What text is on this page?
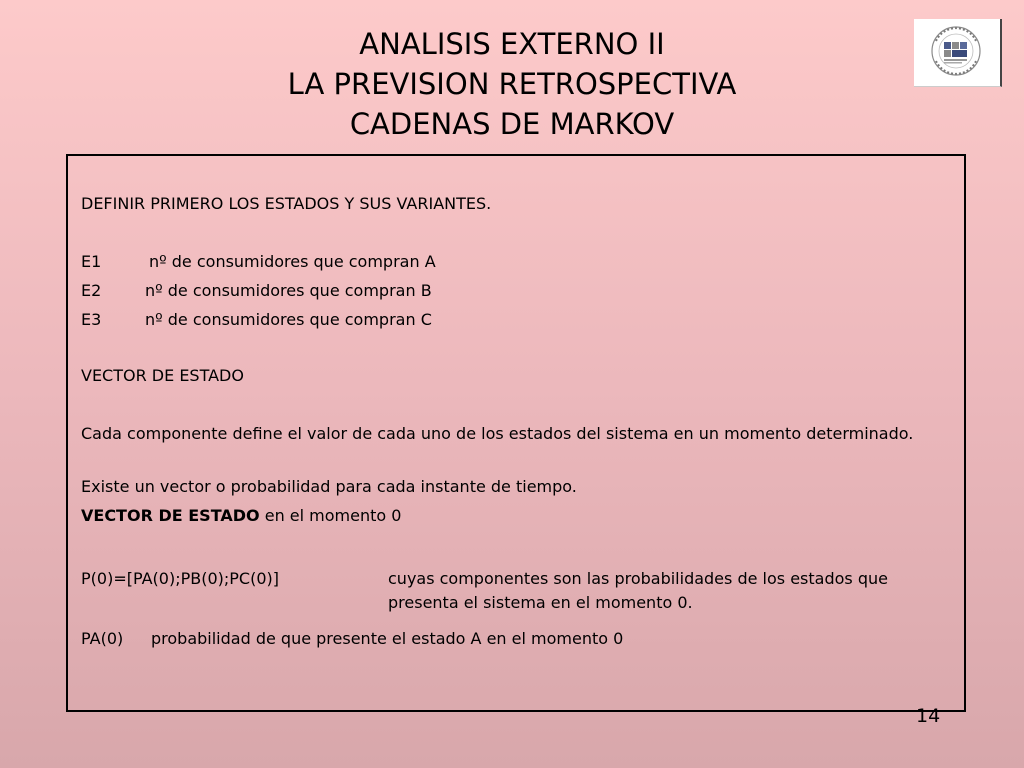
ANALISIS EXTERNO II
LA PREVISION RETROSPECTIVA
CADENAS DE MARKOV
DEFINIR PRIMERO LOS ESTADOS Y SUS VARIANTES.
E1	nº de consumidores que compran A
E2	nº de consumidores que compran B
E3	nº de consumidores que compran C
VECTOR DE ESTADO
Cada componente define el valor de cada uno de los estados del sistema en un momento determinado.
Existe un vector o probabilidad para cada instante de tiempo.
VECTOR DE ESTADO en el momento 0
P(0)=[PA(0);PB(0);PC(0)]	cuyas componentes son las probabilidades de los estados que presenta el sistema en el momento 0.
PA(0) probabilidad de que presente el estado A en el momento 0
14
